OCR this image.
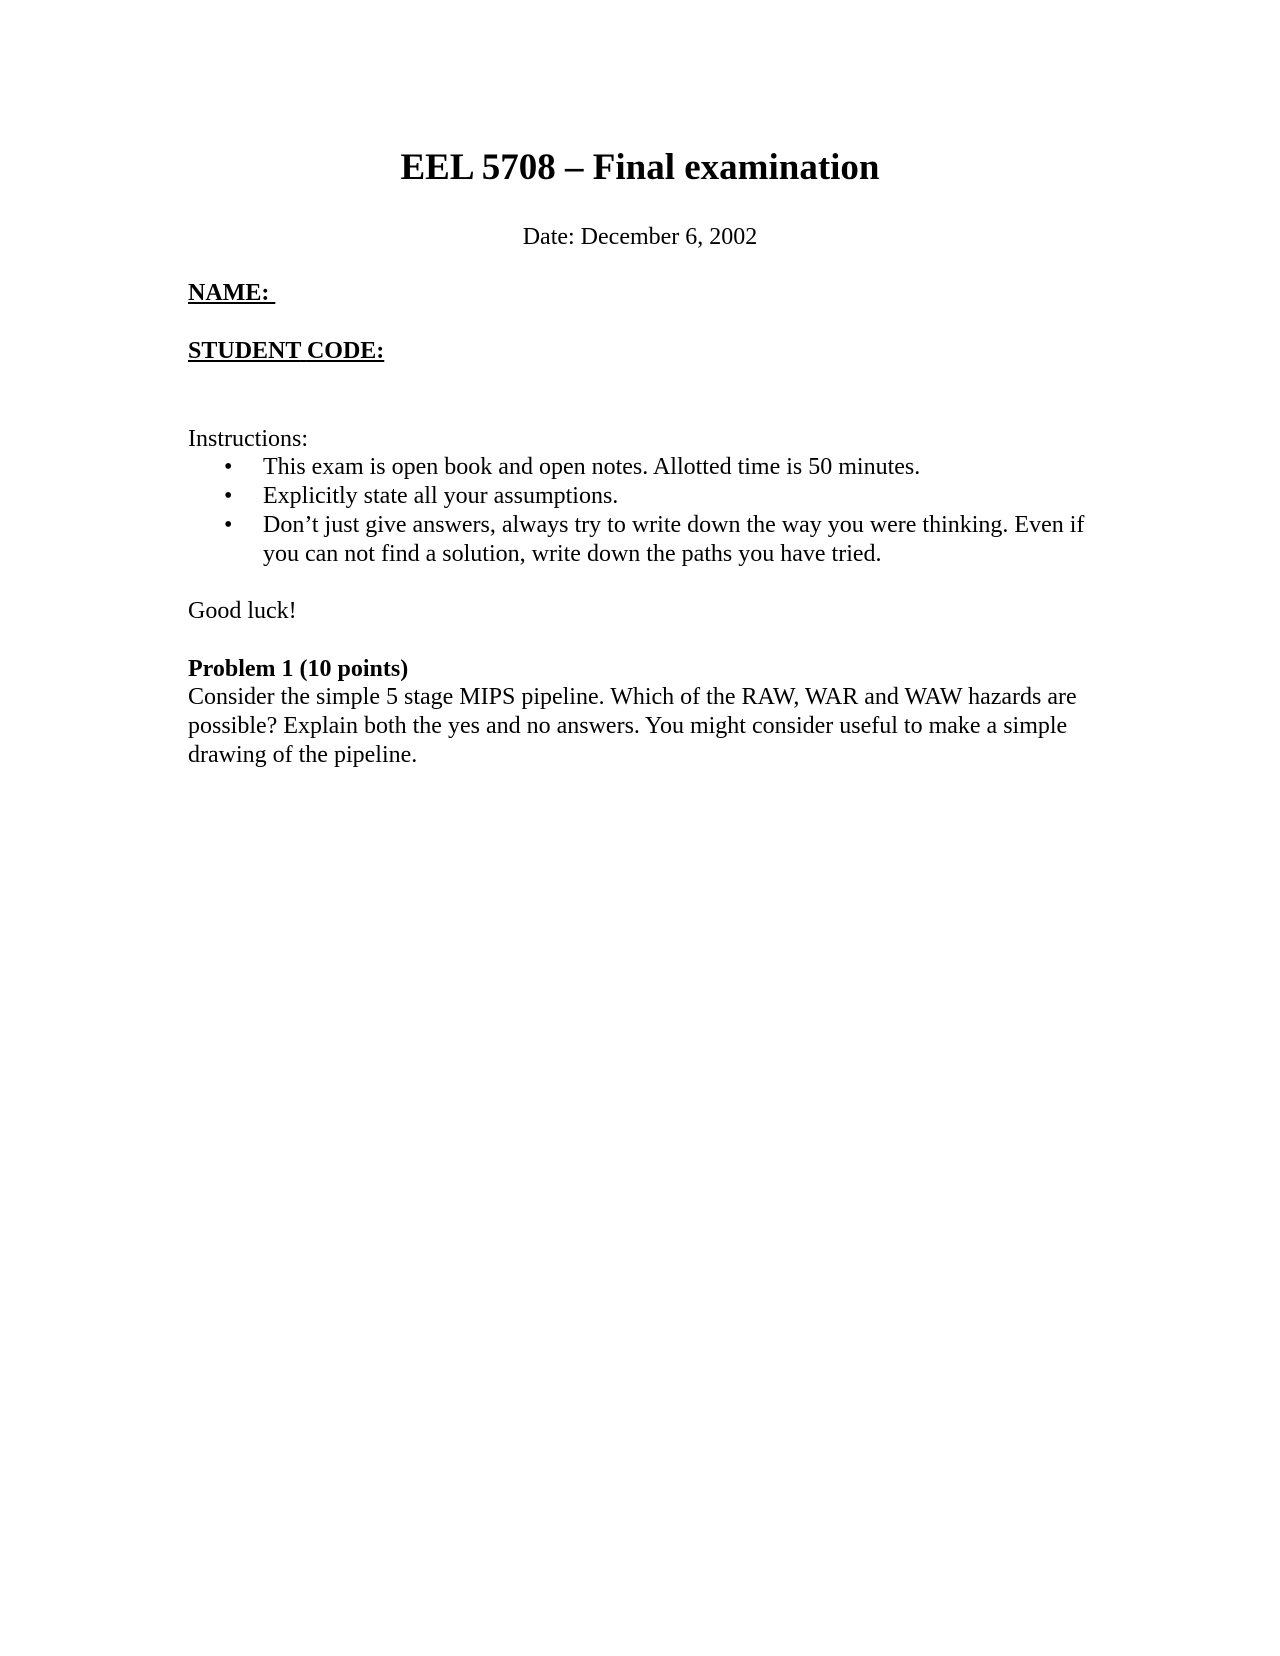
EEL 5708 – Final examination
Date: December 6, 2002
NAME:
STUDENT CODE:
Instructions:
• This exam is open book and open notes. Allotted time is 50 minutes.
• Explicitly state all your assumptions.
• Don’t just give answers, always try to write down the way you were thinking. Even if you can not find a solution, write down the paths you have tried.
Good luck!
Problem 1 (10 points)

Consider the simple 5 stage MIPS pipeline. Which of the RAW, WAR and WAW hazards are possible? Explain both the yes and no answers. You might consider useful to make a simple drawing of the pipeline.
